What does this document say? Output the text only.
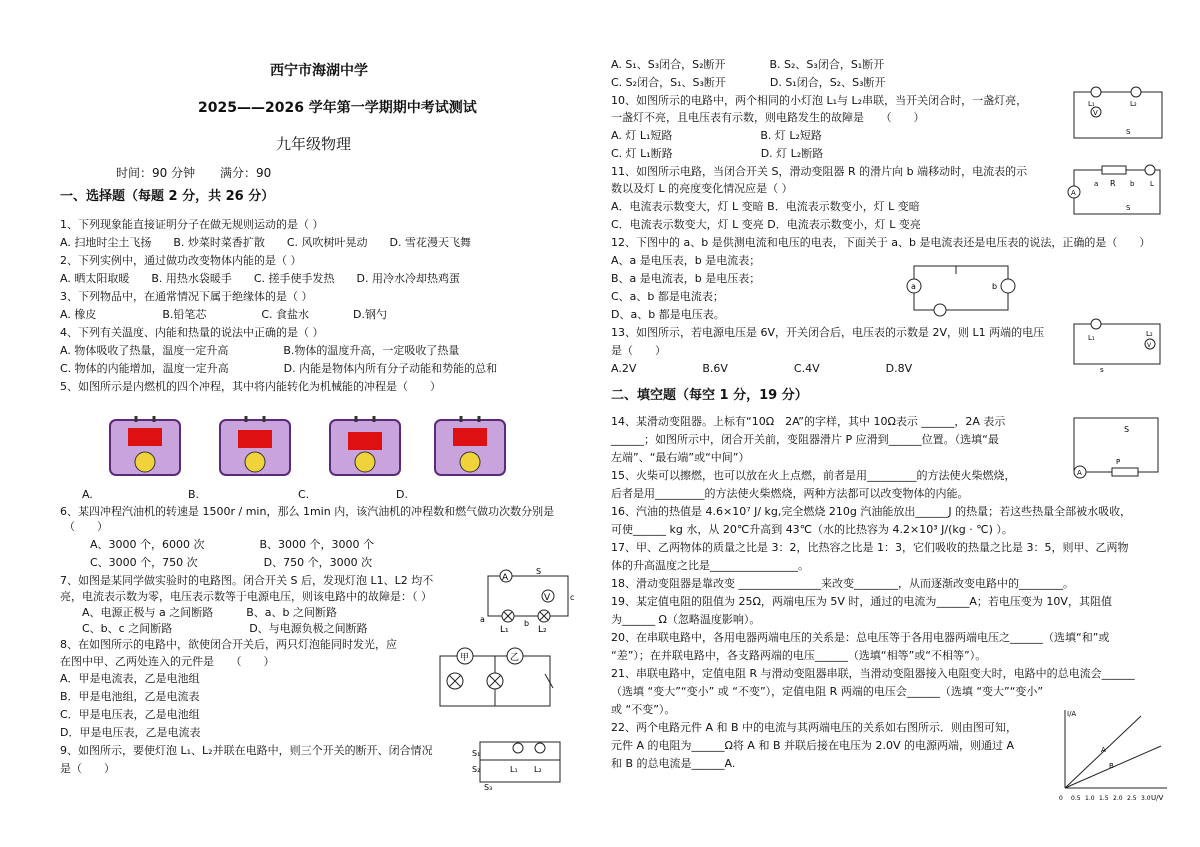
西宁市海湖中学
2025——2026 学年第一学期期中考试测试
九年级物理
时间：90 分钟 满分：90
一、选择题（每题 2 分，共 26 分）
1、下列现象能直接证明分子在做无规则运动的是（ ）
A. 扫地时尘土飞扬　　B. 炒菜时菜香扩散　　C. 风吹树叶晃动　　D. 雪花漫天飞舞
2、下列实例中，通过做功改变物体内能的是（ ）
A. 晒太阳取暖　　B. 用热水袋暖手　　C. 搓手使手发热　　D. 用冷水冷却热鸡蛋
3、下列物品中，在通常情况下属于绝缘体的是（ ）
A. 橡皮　　　　　　B.铅笔芯　　　　　C. 食盐水　　　　D.钢勺
4、下列有关温度、内能和热量的说法中正确的是（ ）
A. 物体吸收了热量，温度一定升高　　　　　B.物体的温度升高，一定吸收了热量
C. 物体的内能增加，温度一定升高　　　　　D. 内能是物体内所有分子动能和势能的总和
5、如图所示是内燃机的四个冲程，其中将内能转化为机械能的冲程是（　　）
A.	B.	C.	D.
6、某四冲程汽油机的转速是 1500r / min，那么 1min 内，该汽油机的冲程数和燃气做功次数分别是
（　　）
A、3000 个，6000 次　　　　　B、3000 个，3000 个
C、3000 个，750 次　　　　　　D、750 个，3000 次
7、如图是某同学做实验时的电路图。闭合开关 S 后，发现灯泡 L1、L2 均不
亮，电流表示数为零，电压表示数等于电源电压，则该电路中的故障是：（ ）
A、电源正极与 a 之间断路　　　B、a、b 之间断路
C、b、c 之间断路　　　　　　　D、与电源负极之间断路
8、在如图所示的电路中，欲使闭合开关后，两只灯泡能同时发光，应
在图中甲、乙两处连入的元件是　　（　　）
A．甲是电流表，乙是电池组
B．甲是电池组，乙是电流表
C．甲是电压表，乙是电池组
D．甲是电压表，乙是电流表
9、如图所示，要使灯泡 L₁、L₂并联在电路中，则三个开关的断开、闭合情况
是（　　）
A
V
L₁	L₂
a	b
c
S
甲	乙
S₁
S₂
S₃
L₁ L₂
A. S₁、S₃闭合，S₂断开　　　　B. S₂、S₃闭合，S₁断开
C. S₂闭合，S₁、S₃断开　　　　D. S₁闭合，S₂、S₃断开
10、如图所示的电路中，两个相同的小灯泡 L₁与 L₂串联，当开关闭合时，一盏灯亮，
一盏灯不亮，且电压表有示数，则电路发生的故障是　　（　　）
A. 灯 L₁短路　　　　　　　　B. 灯 L₂短路
C. 灯 L₁断路　　　　　　　　D. 灯 L₂断路
11、如图所示电路，当闭合开关 S，滑动变阻器 R 的滑片向 b 端移动时，电流表的示
数以及灯 L 的亮度变化情况应是（ ）
A．电流表示数变大，灯 L 变暗 B．电流表示数变小，灯 L 变暗
C．电流表示数变大，灯 L 变亮 D．电流表示数变小，灯 L 变亮
12、下图中的 a、b 是供测电流和电压的电表，下面关于 a、b 是电流表还是电压表的说法，正确的是（　　）
A、a 是电压表，b 是电流表；
B、a 是电流表，b 是电压表；
C、a、b 都是电流表；
D、a、b 都是电压表。
13、如图所示，若电源电压是 6V，开关闭合后，电压表的示数是 2V，则 L1 两端的电压
是（　　）
A.2V　　　　　　B.6V　　　　　　C.4V　　　　　　D.8V
二、填空题（每空 1 分，19 分）
14、某滑动变阻器。上标有“10Ω　2A”的字样，其中 10Ω表示 ______，2A 表示
______；如图所示中，闭合开关前，变阻器滑片 P 应滑到______位置。（选填“最
左端”、“最右端”或“中间”）
15、火柴可以擦燃，也可以放在火上点燃，前者是用_________的方法使火柴燃烧，
后者是用_________的方法使火柴燃烧，两种方法都可以改变物体的内能。
16、汽油的热值是 4.6×10⁷ J/ kg,完全燃烧 210g 汽油能放出______J 的热量；若这些热量全部被水吸收，
可使______ kg 水，从 20℃升高到 43℃（水的比热容为 4.2×10³ J/(kg · ℃) ）。
17、甲、乙两物体的质量之比是 3：2，比热容之比是 1：3，它们吸收的热量之比是 3：5，则甲、乙两物
体的升高温度之比是________________。
18、滑动变阻器是靠改变 _______________来改变________，从而逐渐改变电路中的________。
19、某定值电阻的阻值为 25Ω，两端电压为 5V 时，通过的电流为______A；若电压变为 10V，其阻值
为______ Ω（忽略温度影响）。
20、在串联电路中，各用电器两端电压的关系是：总电压等于各用电器两端电压之______（选填“和”或
“差”）；在并联电路中，各支路两端的电压______（选填“相等”或“不相等”）。
21、串联电路中，定值电阻 R 与滑动变阻器串联，当滑动变阻器接入电阻变大时，电路中的总电流会______
（选填 “变大”“变小” 或 “不变”），定值电阻 R 两端的电压会______（选填 “变大”“变小”
或 “不变”）。
22、两个电路元件 A 和 B 中的电流与其两端电压的关系如右图所示．则由图可知，
元件 A 的电阻为______Ω将 A 和 B 并联后接在电压为 2.0V 的电源两端，则通过 A
和 B 的总电流是______A.
V
L₁	L₂
S
A
R
a	b L
S
a	b
V
L₁	L₂
s
A
P
S
I/A
U/V
A
B
0 0.5 1.0 1.5 2.0 2.5 3.0
